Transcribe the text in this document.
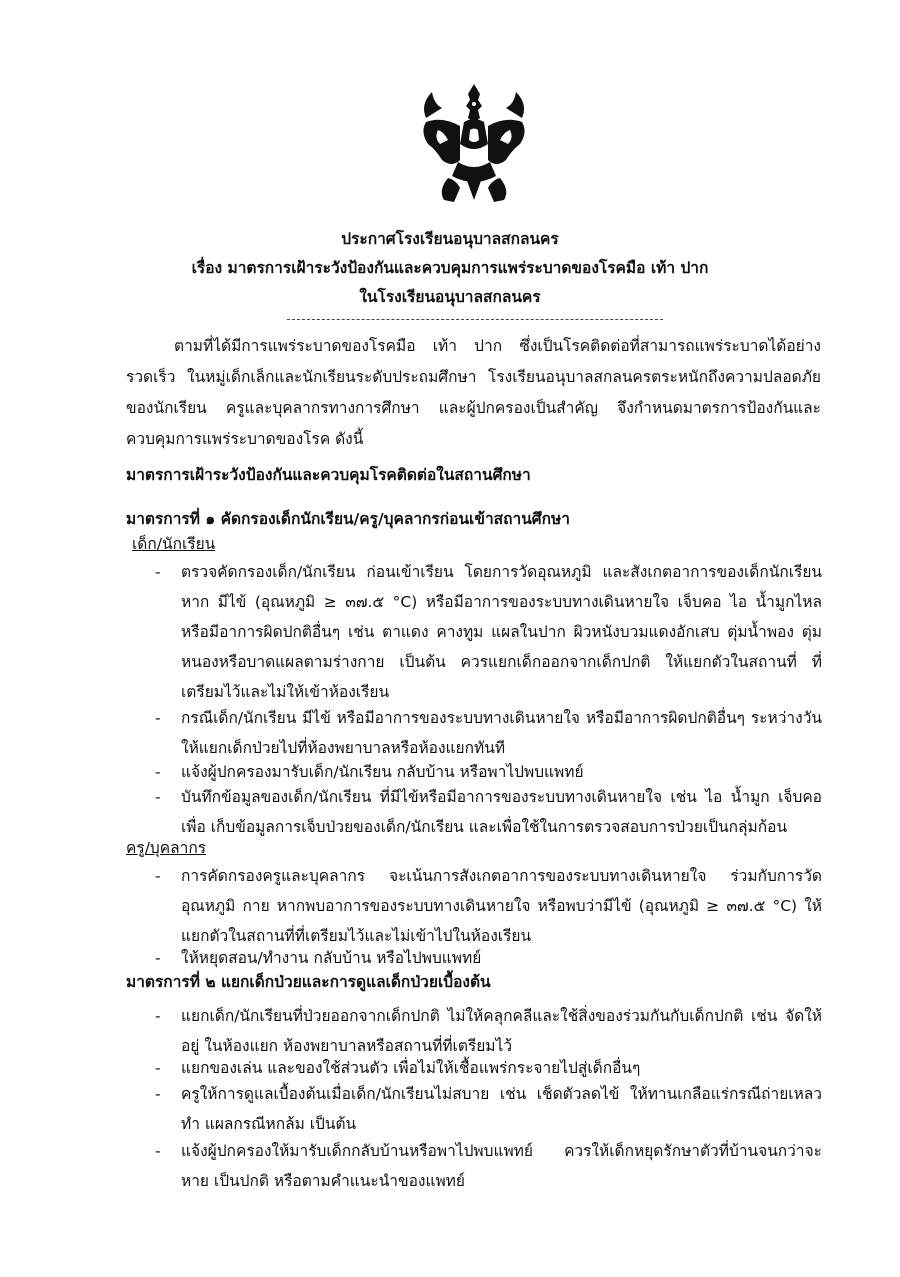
ประกาศโรงเรียนอนุบาลสกลนคร
เรื่อง มาตรการเฝ้าระวังป้องกันและควบคุมการแพร่ระบาดของโรคมือ เท้า ปาก
ในโรงเรียนอนุบาลสกลนคร
ตามที่ได้มีการแพร่ระบาดของโรคมือ เท้า ปาก ซึ่งเป็นโรคติดต่อที่สามารถแพร่ระบาดได้อย่างรวดเร็ว ในหมู่เด็กเล็กและนักเรียนระดับประถมศึกษา โรงเรียนอนุบาลสกลนครตระหนักถึงความปลอดภัยของนักเรียน ครูและบุคลากรทางการศึกษา และผู้ปกครองเป็นสำคัญ จึงกำหนดมาตรการป้องกันและควบคุมการแพร่ระบาดของโรค ดังนี้
มาตรการเฝ้าระวังป้องกันและควบคุมโรคติดต่อในสถานศึกษา
มาตรการที่ ๑ คัดกรองเด็กนักเรียน/ครู/บุคลากรก่อนเข้าสถานศึกษา
เด็ก/นักเรียน
-	ตรวจคัดกรองเด็ก/นักเรียน ก่อนเข้าเรียน โดยการวัดอุณหภูมิ และสังเกตอาการของเด็กนักเรียน หาก มีไข้ (อุณหภูมิ ≥ ๓๗.๕ °C) หรือมีอาการของระบบทางเดินหายใจ เจ็บคอ ไอ น้ำมูกไหล หรือมีอาการผิดปกติอื่นๆ เช่น ตาแดง คางทูม แผลในปาก ผิวหนังบวมแดงอักเสบ ตุ่มน้ำพอง ตุ่มหนองหรือบาดแผลตามร่างกาย เป็นต้น ควรแยกเด็กออกจากเด็กปกติ ให้แยกตัวในสถานที่ ที่เตรียมไว้และไม่ให้เข้าห้องเรียน
-	กรณีเด็ก/นักเรียน มีไข้ หรือมีอาการของระบบทางเดินหายใจ หรือมีอาการผิดปกติอื่นๆ ระหว่างวัน ให้แยกเด็กป่วยไปที่ห้องพยาบาลหรือห้องแยกทันที
-	แจ้งผู้ปกครองมารับเด็ก/นักเรียน กลับบ้าน หรือพาไปพบแพทย์
-	บันทึกข้อมูลของเด็ก/นักเรียน ที่มีไข้หรือมีอาการของระบบทางเดินหายใจ เช่น ไอ น้ำมูก เจ็บคอ เพื่อ เก็บข้อมูลการเจ็บป่วยของเด็ก/นักเรียน และเพื่อใช้ในการตรวจสอบการป่วยเป็นกลุ่มก้อน
ครู/บุคลากร
-	การคัดกรองครูและบุคลากร จะเน้นการสังเกตอาการของระบบทางเดินหายใจ ร่วมกับการวัดอุณหภูมิ กาย หากพบอาการของระบบทางเดินหายใจ หรือพบว่ามีไข้ (อุณหภูมิ ≥ ๓๗.๕ °C) ให้แยกตัวในสถานที่ที่เตรียมไว้และไม่เข้าไปในห้องเรียน
-	ให้หยุดสอน/ทำงาน กลับบ้าน หรือไปพบแพทย์
มาตรการที่ ๒ แยกเด็กป่วยและการดูแลเด็กป่วยเบื้องต้น
-	แยกเด็ก/นักเรียนที่ป่วยออกจากเด็กปกติ ไม่ให้คลุกคลีและใช้สิ่งของร่วมกันกับเด็กปกติ เช่น จัดให้อยู่ ในห้องแยก ห้องพยาบาลหรือสถานที่ที่เตรียมไว้
-	แยกของเล่น และของใช้ส่วนตัว เพื่อไม่ให้เชื้อแพร่กระจายไปสู่เด็กอื่นๆ
-	ครูให้การดูแลเบื้องต้นเมื่อเด็ก/นักเรียนไม่สบาย เช่น เช็ดตัวลดไข้ ให้ทานเกลือแร่กรณีถ่ายเหลว ทำ แผลกรณีหกล้ม เป็นต้น
-	แจ้งผู้ปกครองให้มารับเด็กกลับบ้านหรือพาไปพบแพทย์ ควรให้เด็กหยุดรักษาตัวที่บ้านจนกว่าจะหาย เป็นปกติ หรือตามคำแนะนำของแพทย์
